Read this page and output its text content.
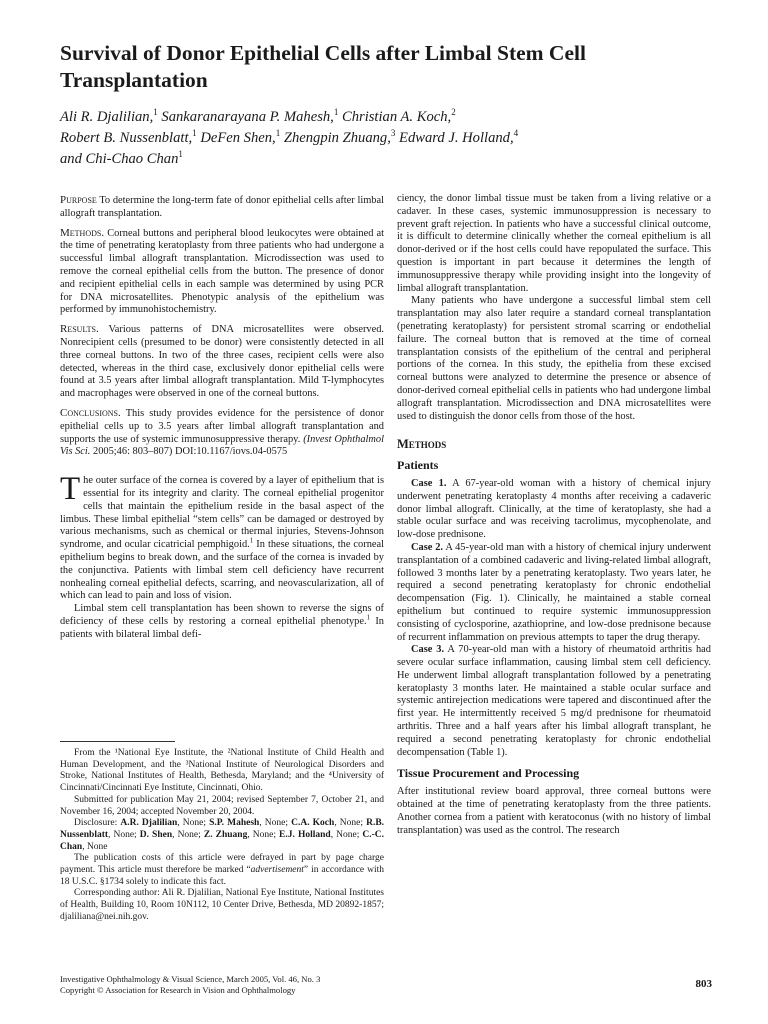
Survival of Donor Epithelial Cells after Limbal Stem Cell Transplantation

Ali R. Djalilian,$^1$ Sankaranarayana P. Mahesh,$^1$ Christian A. Koch,$^2$
Robert B. Nussenblatt,$^1$ DeFen Shen,$^1$ Zhengpin Zhuang,$^3$ Edward J. Holland,$^4$
and Chi-Chao Chan$^1$

Purpose To determine the long-term fate of donor epithelial cells after limbal allograft transplantation.

Methods. Corneal buttons and peripheral blood leukocytes were obtained at the time of penetrating keratoplasty from three patients who had undergone a successful limbal allograft transplantation. Microdissection was used to remove the corneal epithelial cells from the button. The presence of donor and recipient epithelial cells in each sample was determined by using PCR for DNA microsatellites. Phenotypic analysis of the epithelium was performed by immunohistochemistry.

Results. Various patterns of DNA microsatellites were observed. Nonrecipient cells (presumed to be donor) were consistently detected in all three corneal buttons. In two of the three cases, recipient cells were also detected, whereas in the third case, exclusively donor epithelial cells were found at 3.5 years after limbal allograft transplantation. Mild T-lymphocytes and macrophages were observed in one of the corneal buttons.

Conclusions. This study provides evidence for the persistence of donor epithelial cells up to 3.5 years after limbal allograft transplantation and supports the use of systemic immunosuppressive therapy. (Invest Ophthalmol Vis Sci. 2005;46: 803–807) DOI:10.1167/iovs.04-0575

The outer surface of the cornea is covered by a layer of epithelium that is essential for its integrity and clarity. The corneal epithelial progenitor cells that maintain the epithelium reside in the basal aspect of the limbus. These limbal epithelial “stem cells” can be damaged or destroyed by various mechanisms, such as chemical or thermal injuries, Stevens-Johnson syndrome, and ocular cicatricial pemphigoid.$^1$ In these situations, the corneal epithelium begins to break down, and the surface of the cornea is invaded by the conjunctiva. Patients with limbal stem cell deficiency have recurrent nonhealing corneal epithelial defects, scarring, and neovascularization, all of which can lead to pain and loss of vision.

Limbal stem cell transplantation has been shown to reverse the signs of deficiency of these cells by restoring a corneal epithelial phenotype.$^1$ In patients with bilateral limbal defi-

From the ¹National Eye Institute, the ²National Institute of Child Health and Human Development, and the ³National Institute of Neurological Disorders and Stroke, National Institutes of Health, Bethesda, Maryland; and the ⁴University of Cincinnati/Cincinnati Eye Institute, Cincinnati, Ohio.

Submitted for publication May 21, 2004; revised September 7, October 21, and November 16, 2004; accepted November 20, 2004.

Disclosure: A.R. Djalilian, None; S.P. Mahesh, None; C.A. Koch, None; R.B. Nussenblatt, None; D. Shen, None; Z. Zhuang, None; E.J. Holland, None; C.-C. Chan, None

The publication costs of this article were defrayed in part by page charge payment. This article must therefore be marked “advertisement” in accordance with 18 U.S.C. §1734 solely to indicate this fact.

Corresponding author: Ali R. Djalilian, National Eye Institute, National Institutes of Health, Building 10, Room 10N112, 10 Center Drive, Bethesda, MD 20892-1857; djaliliana@nei.nih.gov.

ciency, the donor limbal tissue must be taken from a living relative or a cadaver. In these cases, systemic immunosuppression is necessary to prevent graft rejection. In patients who have a successful clinical outcome, it is difficult to determine clinically whether the corneal epithelium is all donor-derived or if the host cells could have repopulated the surface. This question is important in part because it determines the length of immunosuppressive therapy while providing insight into the longevity of limbal allograft transplantation.

Many patients who have undergone a successful limbal stem cell transplantation may also later require a standard corneal transplantation (penetrating keratoplasty) for persistent stromal scarring or endothelial failure. The corneal button that is removed at the time of corneal transplantation consists of the epithelium of the central and peripheral portions of the cornea. In this study, the epithelia from these excised corneal buttons were analyzed to determine the presence or absence of donor-derived corneal epithelial cells in patients who had undergone limbal allograft transplantation. Microdissection and DNA microsatellites were used to distinguish the donor cells from those of the host.

Methods
Patients

Case 1. A 67-year-old woman with a history of chemical injury underwent penetrating keratoplasty 4 months after receiving a cadaveric donor limbal allograft. Clinically, at the time of keratoplasty, she had a stable ocular surface and was receiving tacrolimus, mycophenolate, and low-dose prednisone.

Case 2. A 45-year-old man with a history of chemical injury underwent transplantation of a combined cadaveric and living-related limbal allograft, followed 3 months later by a penetrating keratoplasty. Two years later, he required a second penetrating keratoplasty for chronic endothelial decompensation (Fig. 1). Clinically, he maintained a stable corneal epithelium but continued to require systemic immunosuppression consisting of cyclosporine, azathioprine, and low-dose prednisone because of recurrent inflammation on previous attempts to taper the drug therapy.

Case 3. A 70-year-old man with a history of rheumatoid arthritis had severe ocular surface inflammation, causing limbal stem cell deficiency. He underwent limbal allograft transplantation followed by a penetrating keratoplasty 3 months later. He maintained a stable ocular surface and systemic antirejection medications were tapered and discontinued after the first year. He intermittently received 5 mg/d prednisone for rheumatoid arthritis. Three and a half years after his limbal allograft transplant, he required a second penetrating keratoplasty for chronic endothelial decompensation (Table 1).

Tissue Procurement and Processing

After institutional review board approval, three corneal buttons were obtained at the time of penetrating keratoplasty from the three patients. Another cornea from a patient with keratoconus (with no history of limbal transplantation) was used as the control. The research

Investigative Ophthalmology & Visual Science, March 2005, Vol. 46, No. 3
Copyright © Association for Research in Vision and Ophthalmology	803
